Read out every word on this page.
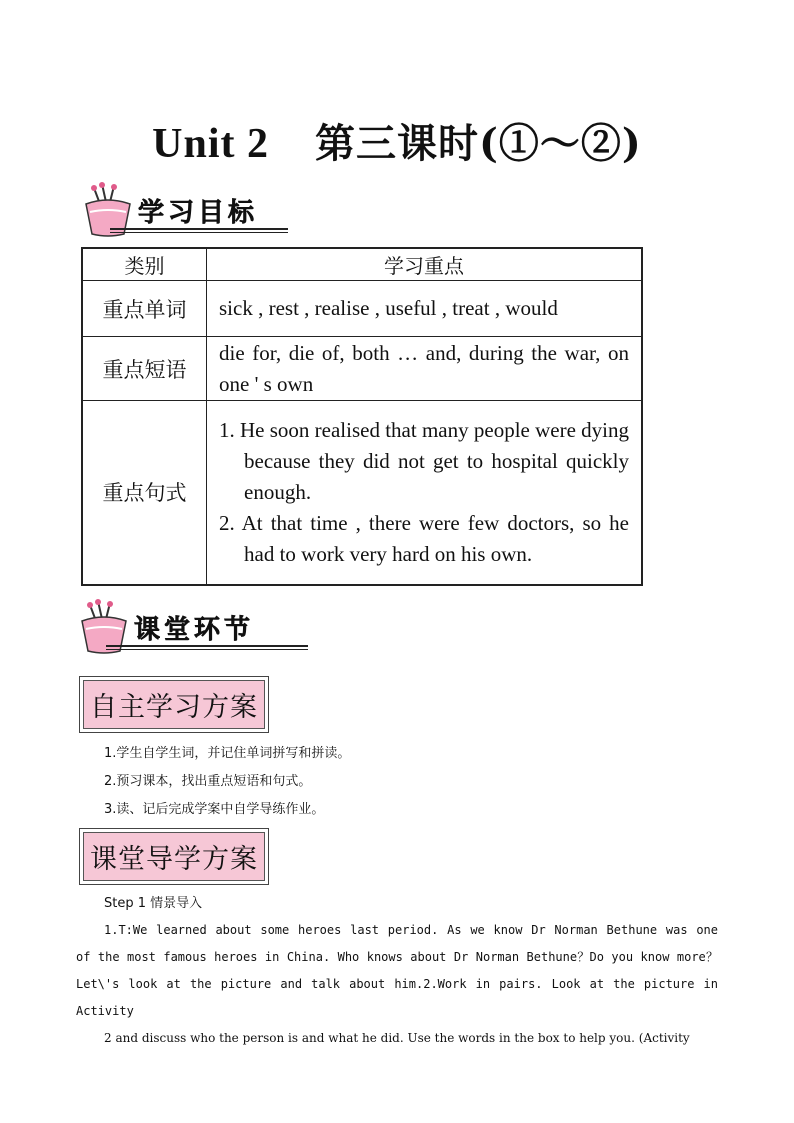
Unit 2 第三课时(①～②)
学习目标
类别	学习重点
重点单词	sick , rest , realise , useful , treat , would
重点短语	die for, die of, both … and, during the war, on one ' s own
重点句式	1. He soon realised that many people were dying because they did not get to hospital quickly enough.
2. At that time , there were few doctors, so he had to work very hard on his own.
课堂环节
自主学习方案
1.学生自学生词，并记住单词拼写和拼读。
2.预习课本，找出重点短语和句式。
3.读、记后完成学案中自学导练作业。
课堂导学方案
Step 1 情景导入
1.T:We learned about some heroes last period. As we know Dr Norman Bethune was one of the most famous heroes in China. Who knows about Dr Norman Bethune？Do you know more？Let\'s look at the picture and talk about him.2.Work in pairs. Look at the picture in Activity
2 and discuss who the person is and what he did. Use the words in the box to help you. (Activity
